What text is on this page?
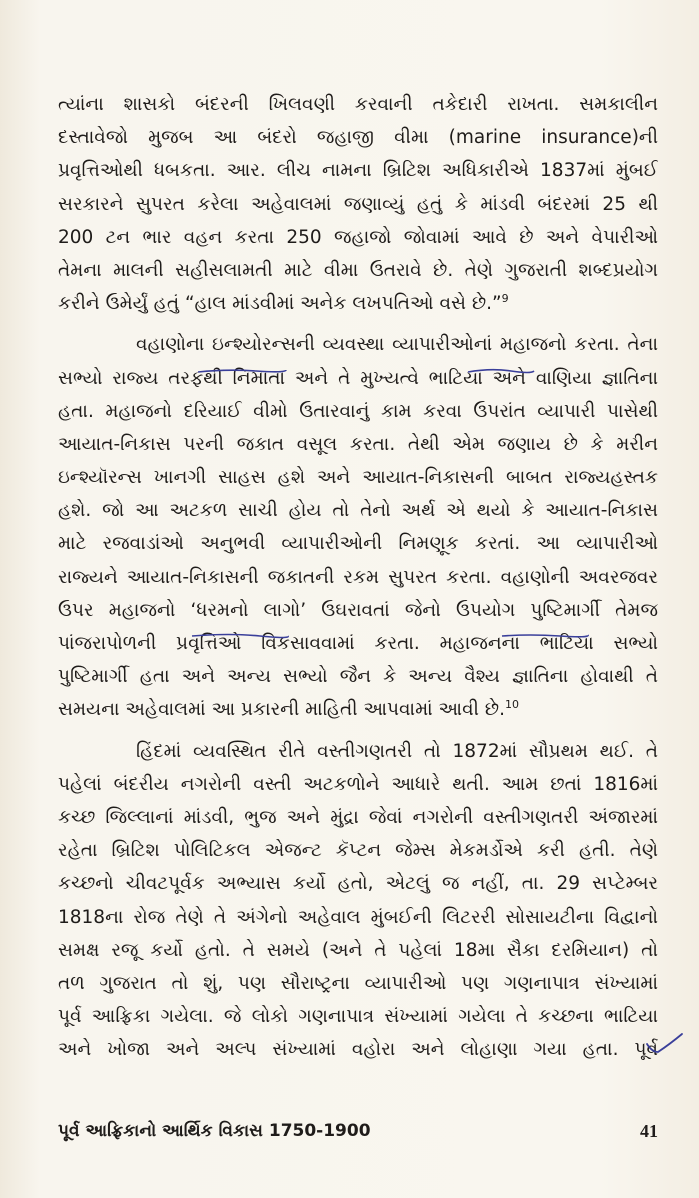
ત્યાંના શાસકો બંદરની ખિલવણી કરવાની તકેદારી રાખતા. સમકાલીન
દસ્તાવેજો મુજબ આ બંદરો જહાજી વીમા (marine insurance)ની
પ્રવૃત્તિઓથી ધબકતા. આર. લીચ નામના બ્રિટિશ અધિકારીએ 1837માં મુંબઈ
સરકારને સુપરત કરેલા અહેવાલમાં જણાવ્યું હતું કે માંડવી બંદરમાં 25 થી
200 ટન ભાર વહન કરતા 250 જહાજો જોવામાં આવે છે અને વેપારીઓ
તેમના માલની સહીસલામતી માટે વીમા ઉતરાવે છે. તેણે ગુજરાતી શબ્દપ્રયોગ
કરીને ઉમેર્યું હતું “હાલ માંડવીમાં અનેક લખપતિઓ વસે છે.”$^9$
વહાણોના ઇન્શ્યોરન્સની વ્યવસ્થા વ્યાપારીઓનાં મહાજનો કરતા. તેના
સભ્યો રાજ્ય તરફથી નિમાતા અને તે મુખ્યત્વે ભાટિયા અને વાણિયા જ્ઞાતિના
હતા. મહાજનો દરિયાઈ વીમો ઉતારવાનું કામ કરવા ઉપરાંત વ્યાપારી પાસેથી
આયાત-નિકાસ પરની જકાત વસૂલ કરતા. તેથી એમ જણાય છે કે મરીન
ઇન્શ્યૉરન્સ ખાનગી સાહસ હશે અને આયાત-નિકાસની બાબત રાજ્યહસ્તક
હશે. જો આ અટકળ સાચી હોય તો તેનો અર્થ એ થયો કે આયાત-નિકાસ
માટે રજવાડાંઓ અનુભવી વ્યાપારીઓની નિમણૂક કરતાં. આ વ્યાપારીઓ
રાજ્યને આયાત-નિકાસની જકાતની રકમ સુપરત કરતા. વહાણોની અવરજવર
ઉપર મહાજનો ‘ધરમનો લાગો’ ઉઘરાવતાં જેનો ઉપયોગ પુષ્ટિમાર્ગી તેમજ
પાંજરાપોળની પ્રવૃત્તિઓ વિકસાવવામાં કરતા. મહાજનના ભાટિયા સભ્યો
પુષ્ટિમાર્ગી હતા અને અન્ય સભ્યો જૈન કે અન્ય વૈશ્ય જ્ઞાતિના હોવાથી તે
સમયના અહેવાલમાં આ પ્રકારની માહિતી આપવામાં આવી છે.$^{10}$
હિંદમાં વ્યવસ્થિત રીતે વસ્તીગણતરી તો 1872માં સૌપ્રથમ થઈ. તે
પહેલાં બંદરીય નગરોની વસ્તી અટકળોને આધારે થતી. આમ છતાં 1816માં
કચ્છ જિલ્લાનાં માંડવી, ભુજ અને મુંદ્રા જેવાં નગરોની વસ્તીગણતરી અંજારમાં
રહેતા બ્રિટિશ પોલિટિકલ એજન્ટ કૅપ્ટન જેમ્સ મેકમર્ડોએ કરી હતી. તેણે
કચ્છનો ચીવટપૂર્વક અભ્યાસ કર્યો હતો, એટલું જ નહીં, તા. 29 સપ્ટેમ્બર
1818ના રોજ તેણે તે અંગેનો અહેવાલ મુંબઈની લિટરરી સોસાયટીના વિદ્વાનો
સમક્ષ રજૂ કર્યો હતો. તે સમયે (અને તે પહેલાં 18મા સૈકા દરમિયાન) તો
તળ ગુજરાત તો શું, પણ સૌરાષ્ટ્રના વ્યાપારીઓ પણ ગણનાપાત્ર સંખ્યામાં
પૂર્વ આફ્રિકા ગયેલા. જે લોકો ગણનાપાત્ર સંખ્યામાં ગયેલા તે કચ્છના ભાટિયા
અને ખોજા અને અલ્પ સંખ્યામાં વહોરા અને લોહાણા ગયા હતા. પૂર્વ
પૂર્વ આફ્રિકાનો આર્થિક વિકાસ 1750-1900	41
